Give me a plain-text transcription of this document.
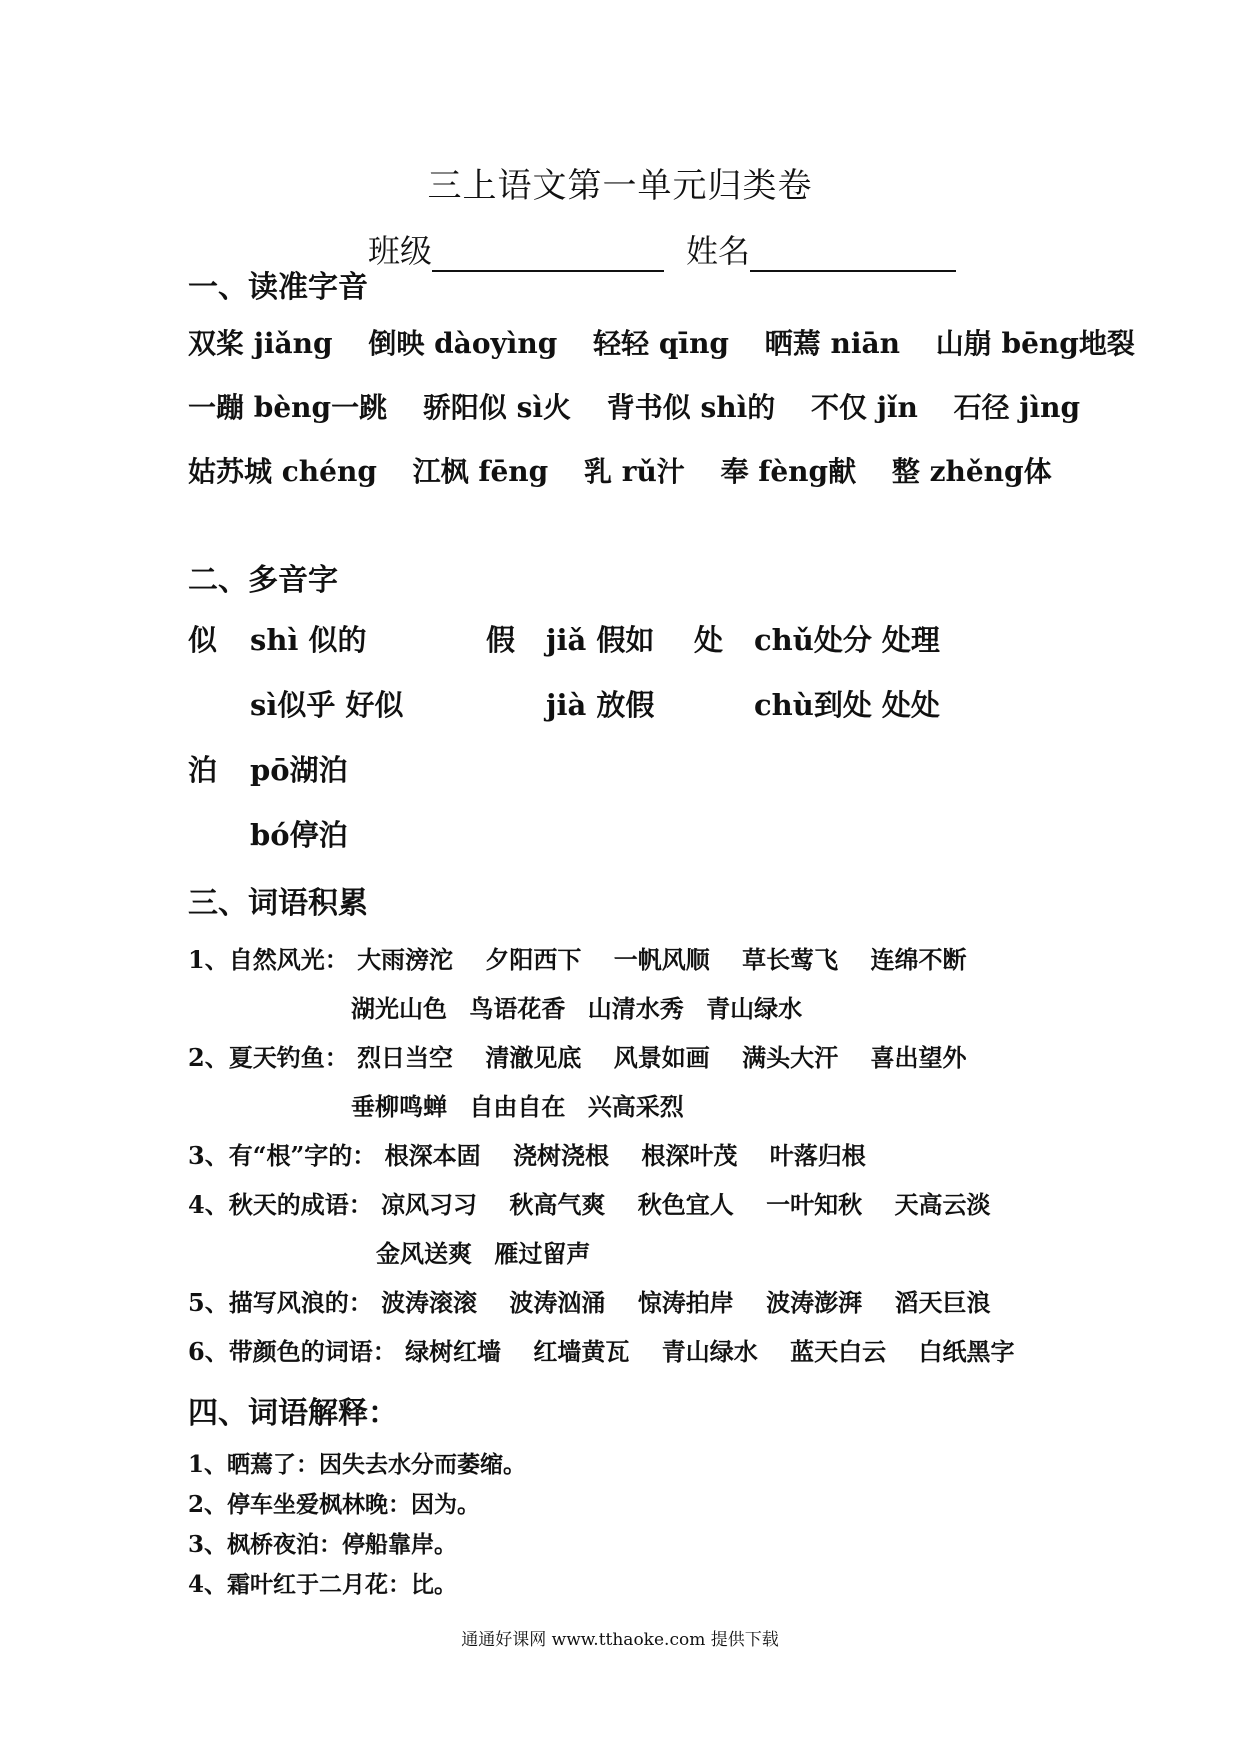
三上语文第一单元归类卷
班级	姓名
一、读准字音
双桨 jiǎng 倒映 dàoyìng 轻轻 qīng 晒蔫 niān 山崩 bēng地裂
一蹦 bèng一跳 骄阳似 sì火 背书似 shì的 不仅 jǐn 石径 jìng
姑苏城 chéng 江枫 fēng 乳 rǔ汁 奉 fèng献 整 zhěng体
二、多音字
似 shì 似的
sì似乎 好似
假 jiǎ 假如
jià 放假
处 chǔ处分 处理
chù到处 处处
泊 pō湖泊
bó停泊
三、词语积累
1、自然风光： 大雨滂沱 夕阳西下 一帆风顺 草长莺飞 连绵不断
湖光山色 鸟语花香 山清水秀 青山绿水
2、夏天钓鱼： 烈日当空 清澈见底 风景如画 满头大汗 喜出望外
垂柳鸣蝉 自由自在 兴高采烈
3、有“根”字的： 根深本固 浇树浇根 根深叶茂 叶落归根
4、秋天的成语： 凉风习习 秋高气爽 秋色宜人 一叶知秋 天高云淡
金风送爽 雁过留声
5、描写风浪的： 波涛滚滚 波涛汹涌 惊涛拍岸 波涛澎湃 滔天巨浪
6、带颜色的词语： 绿树红墙 红墙黄瓦 青山绿水 蓝天白云 白纸黑字
四、词语解释：
1、晒蔫了：因失去水分而萎缩。
2、停车坐爱枫林晚：因为。
3、枫桥夜泊：停船靠岸。
4、霜叶红于二月花：比。
通通好课网 www.tthaoke.com 提供下载
